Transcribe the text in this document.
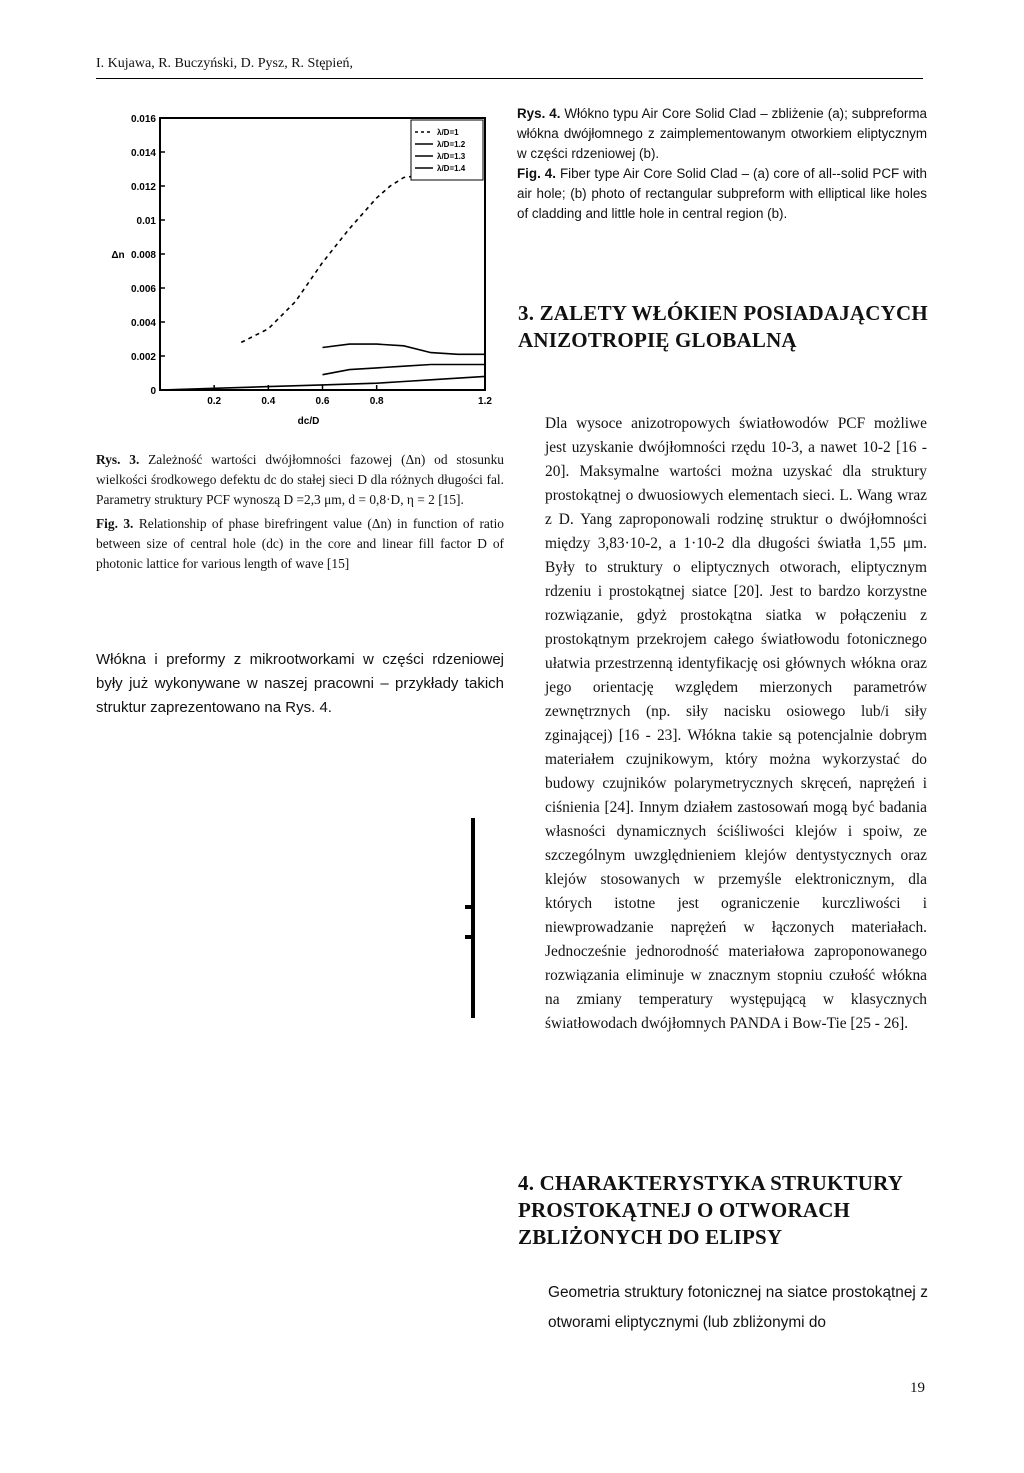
I. Kujawa, R. Buczyński, D. Pysz, R. Stępień,
0
0.002
0.004
0.006
0.008
0.01
0.012
0.014
0.016
0.2	0.4	0.6	0.8	1.2
dc/D
Δn
λ/D=1
λ/D=1.2
λ/D=1.3
λ/D=1.4
Rys. 3. Zależność wartości dwójłomności fazowej (Δn) od stosunku wielkości środkowego defektu dc do stałej sieci D dla różnych długości fal. Parametry struktury PCF wynoszą D =2,3 μm, d = 0,8·D, η = 2 [15].
Fig. 3. Relationship of phase birefringent value (Δn) in function of ratio between size of central hole (dc) in the core and linear fill factor D of photonic lattice for various length of wave [15]
Włókna i preformy z mikrootworkami w części rdzeniowej były już wykonywane w naszej pracowni – przykłady takich struktur zaprezentowano na Rys. 4.
Rys. 4. Włókno typu Air Core Solid Clad – zbliżenie (a); subpreforma włókna dwójłomnego z zaimplementowanym otworkiem eliptycznym w części rdzeniowej (b).
Fig. 4. Fiber type Air Core Solid Clad – (a) core of all--solid PCF with air hole; (b) photo of rectangular subpreform with elliptical like holes of cladding and little hole in central region (b).
3. ZALETY WŁÓKIEN POSIADAJĄCYCH ANIZOTROPIĘ GLOBALNĄ

Dla wysoce anizotropowych światłowodów PCF możliwe jest uzyskanie dwójłomności rzędu 10-3, a nawet 10-2 [16 - 20]. Maksymalne wartości można uzyskać dla struktury prostokątnej o dwuosiowych elementach sieci. L. Wang wraz z D. Yang zaproponowali rodzinę struktur o dwójłomności między 3,83·10-2, a 1·10-2 dla długości światła 1,55 μm. Były to struktury o eliptycznych otworach, eliptycznym rdzeniu i prostokątnej siatce [20]. Jest to bardzo korzystne rozwiązanie, gdyż prostokątna siatka w połączeniu z prostokątnym przekrojem całego światłowodu fotonicznego ułatwia przestrzenną identyfikację osi głównych włókna oraz jego orientację względem mierzonych parametrów zewnętrznych (np. siły nacisku osiowego lub/i siły zginającej) [16 - 23]. Włókna takie są potencjalnie dobrym materiałem czujnikowym, który można wykorzystać do budowy czujników polarymetrycznych skręceń, naprężeń i ciśnienia [24]. Innym działem zastosowań mogą być badania własności dynamicznych ściśliwości klejów i spoiw, ze szczególnym uwzględnieniem klejów dentystycznych oraz klejów stosowanych w przemyśle elektronicznym, dla których istotne jest ograniczenie kurczliwości i niewprowadzanie naprężeń w łączonych materiałach. Jednocześnie jednorodność materiałowa zaproponowanego rozwiązania eliminuje w znacznym stopniu czułość włókna na zmiany temperatury występującą w klasycznych światłowodach dwójłomnych PANDA i Bow-Tie [25 - 26].

4. CHARAKTERYSTYKA STRUKTURY PROSTOKĄTNEJ O OTWORACH ZBLIŻONYCH DO ELIPSY
Geometria struktury fotonicznej na siatce prostokątnej z otworami eliptycznymi (lub zbliżonymi do
19
